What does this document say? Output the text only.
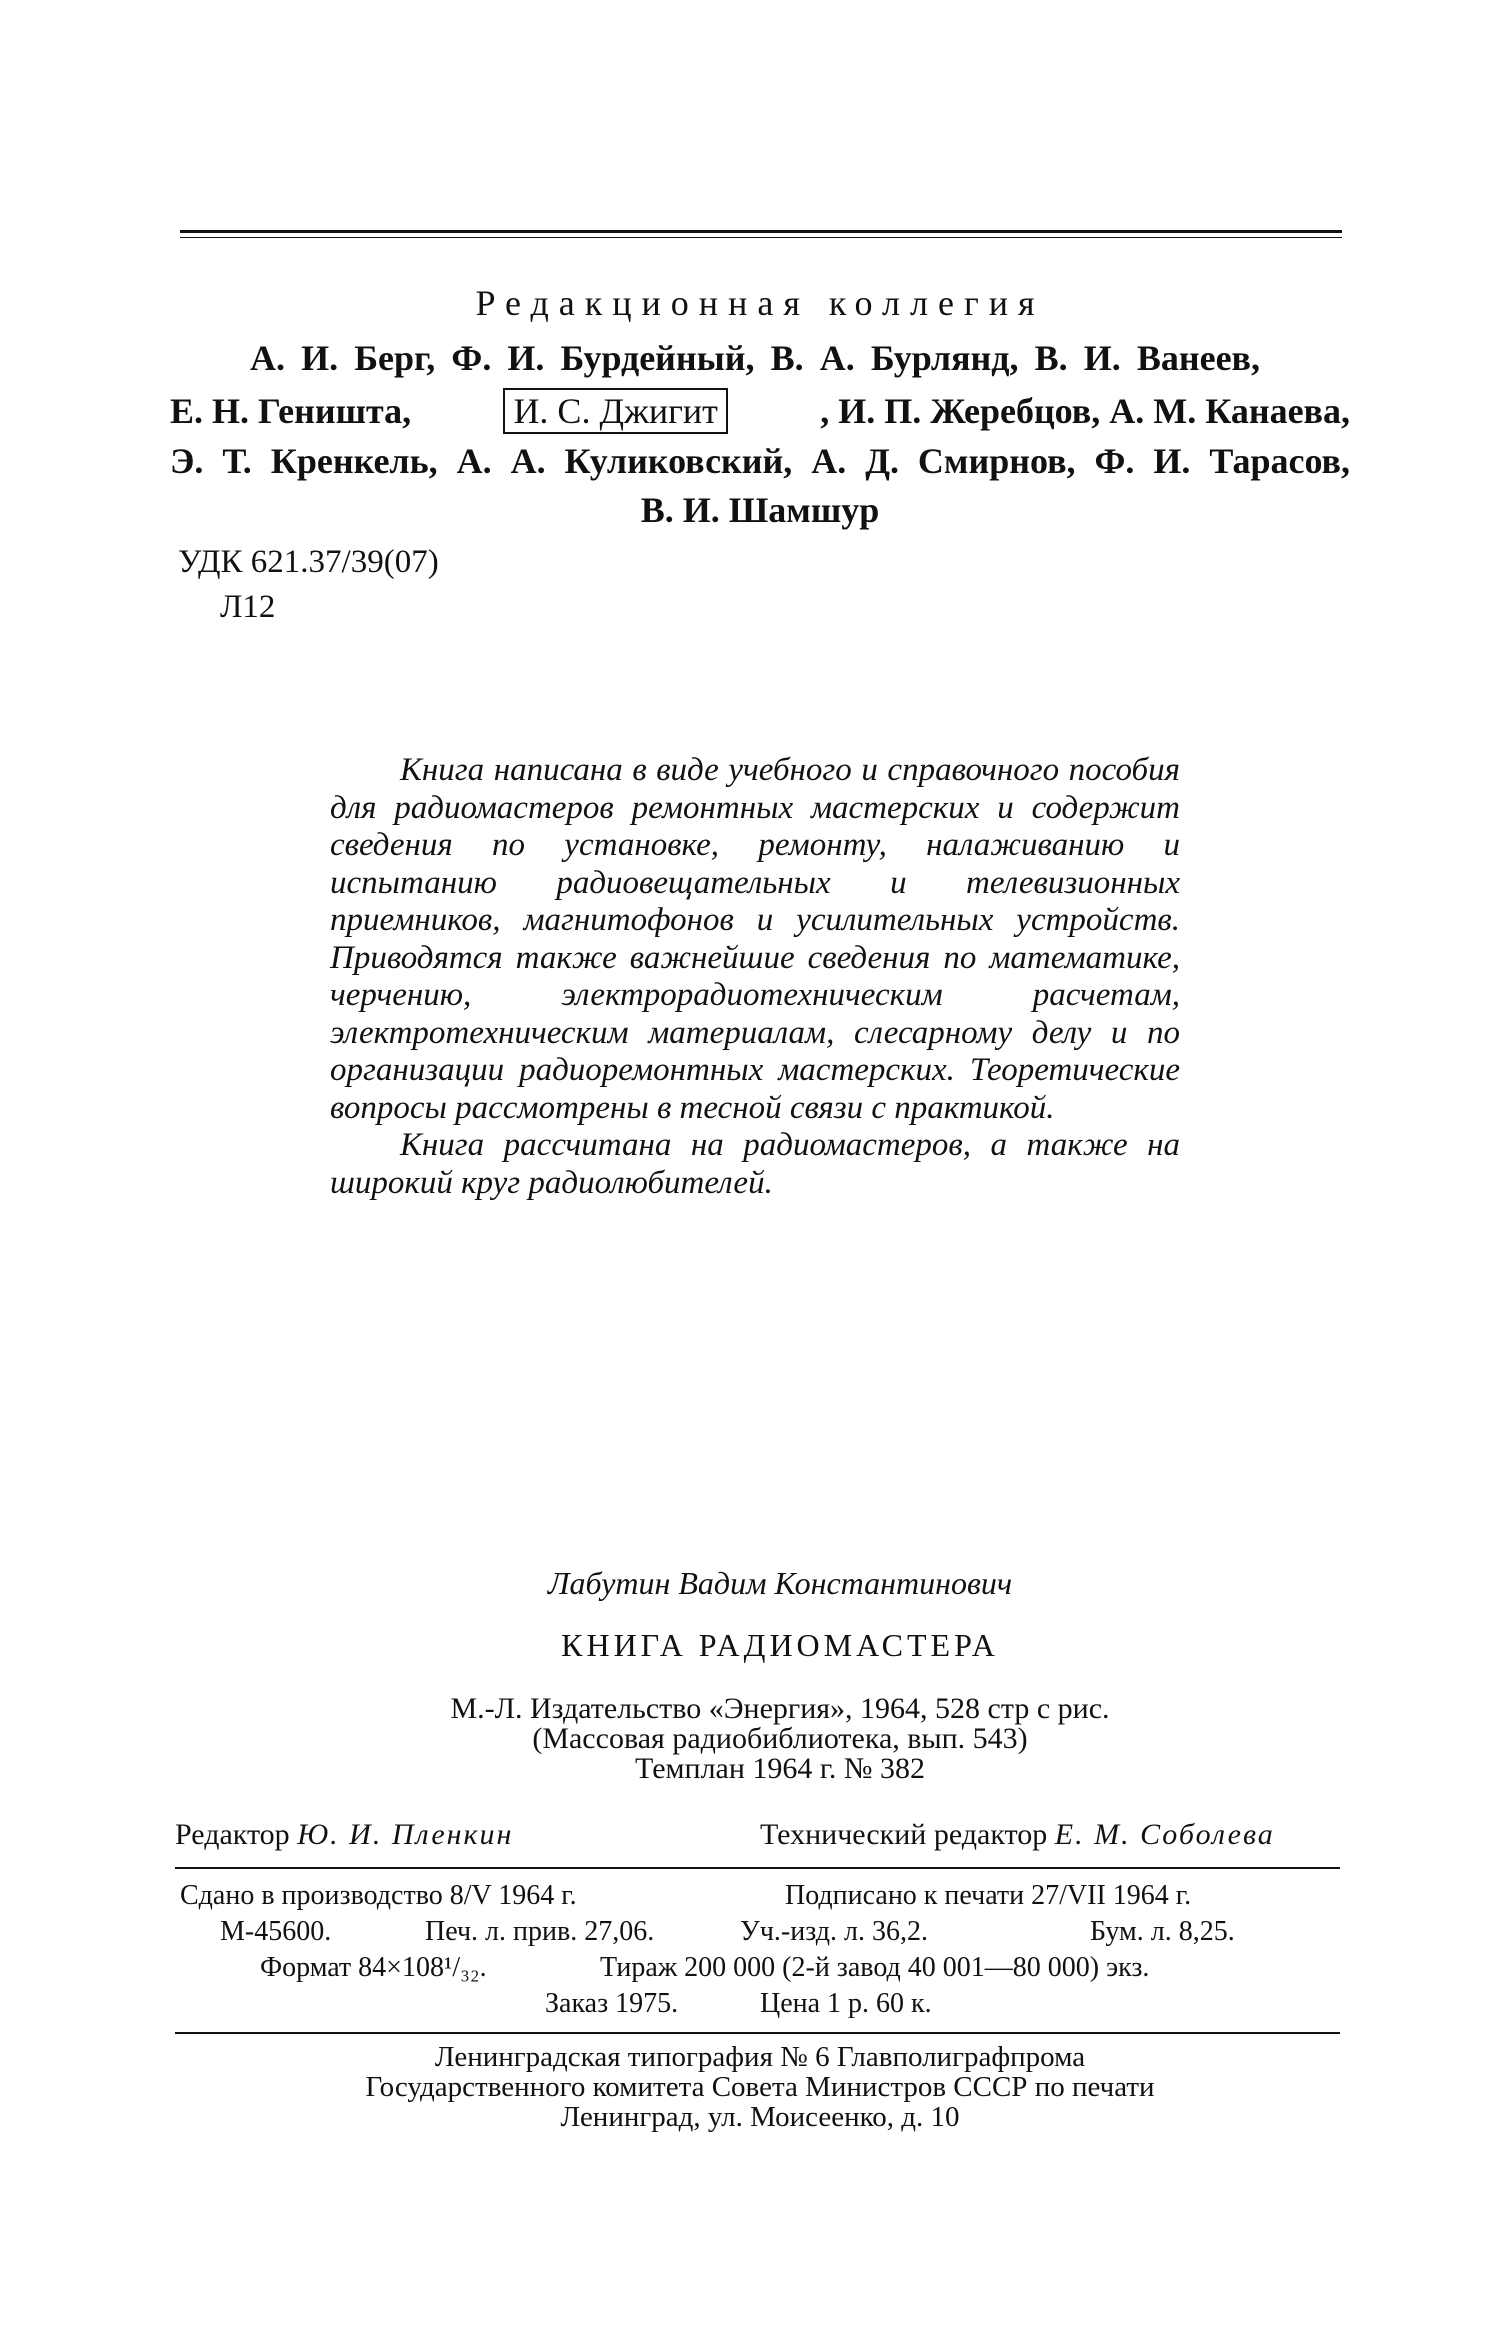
Редакционная коллегия
А. И. Берг, Ф. И. Бурдейный, В. А. Бурлянд, В. И. Ванеев,
Е. Н. Геништа,	И. С. Джигит	, И. П. Жеребцов, А. М. Канаева,
Э. Т. Кренкель, А. А. Куликовский, А. Д. Смирнов, Ф. И. Тарасов,
В. И. Шамшур
УДК 621.37/39(07)
Л12

Книга написана в виде учебного и справочного пособия для радиомастеров ремонтных мастерских и содержит сведения по установке, ремонту, налаживанию и испытанию радиовещательных и телевизионных приемников, магнитофонов и усилительных устройств. Приводятся также важнейшие сведения по математике, черчению, электрорадиотехническим расчетам, электротехническим материалам, слесарному делу и по организации радиоремонтных мастерских. Теоретические вопросы рассмотрены в тесной связи с практикой.

Книга рассчитана на радиомастеров, а также на широкий круг радиолюбителей.

Лабутин Вадим Константинович
КНИГА РАДИОМАСТЕРА
М.-Л. Издательство «Энергия», 1964, 528 стр с рис.
(Массовая радиобиблиотека, вып. 543)
Темплан 1964 г. № 382
Редактор Ю. И. Пленкин	Технический редактор Е. М. Соболева
Сдано в производство 8/V 1964 г.	Подписано к печати 27/VII 1964 г.
М-45600.	Печ. л. прив. 27,06.	Уч.-изд. л. 36,2.	Бум. л. 8,25.
Формат 84×108¹/₃₂.	Тираж 200 000 (2-й завод 40 001—80 000) экз.
Заказ 1975.	Цена 1 р. 60 к.
Ленинградская типография № 6 Главполиграфпрома
Государственного комитета Совета Министров СССР по печати
Ленинград, ул. Моисеенко, д. 10
